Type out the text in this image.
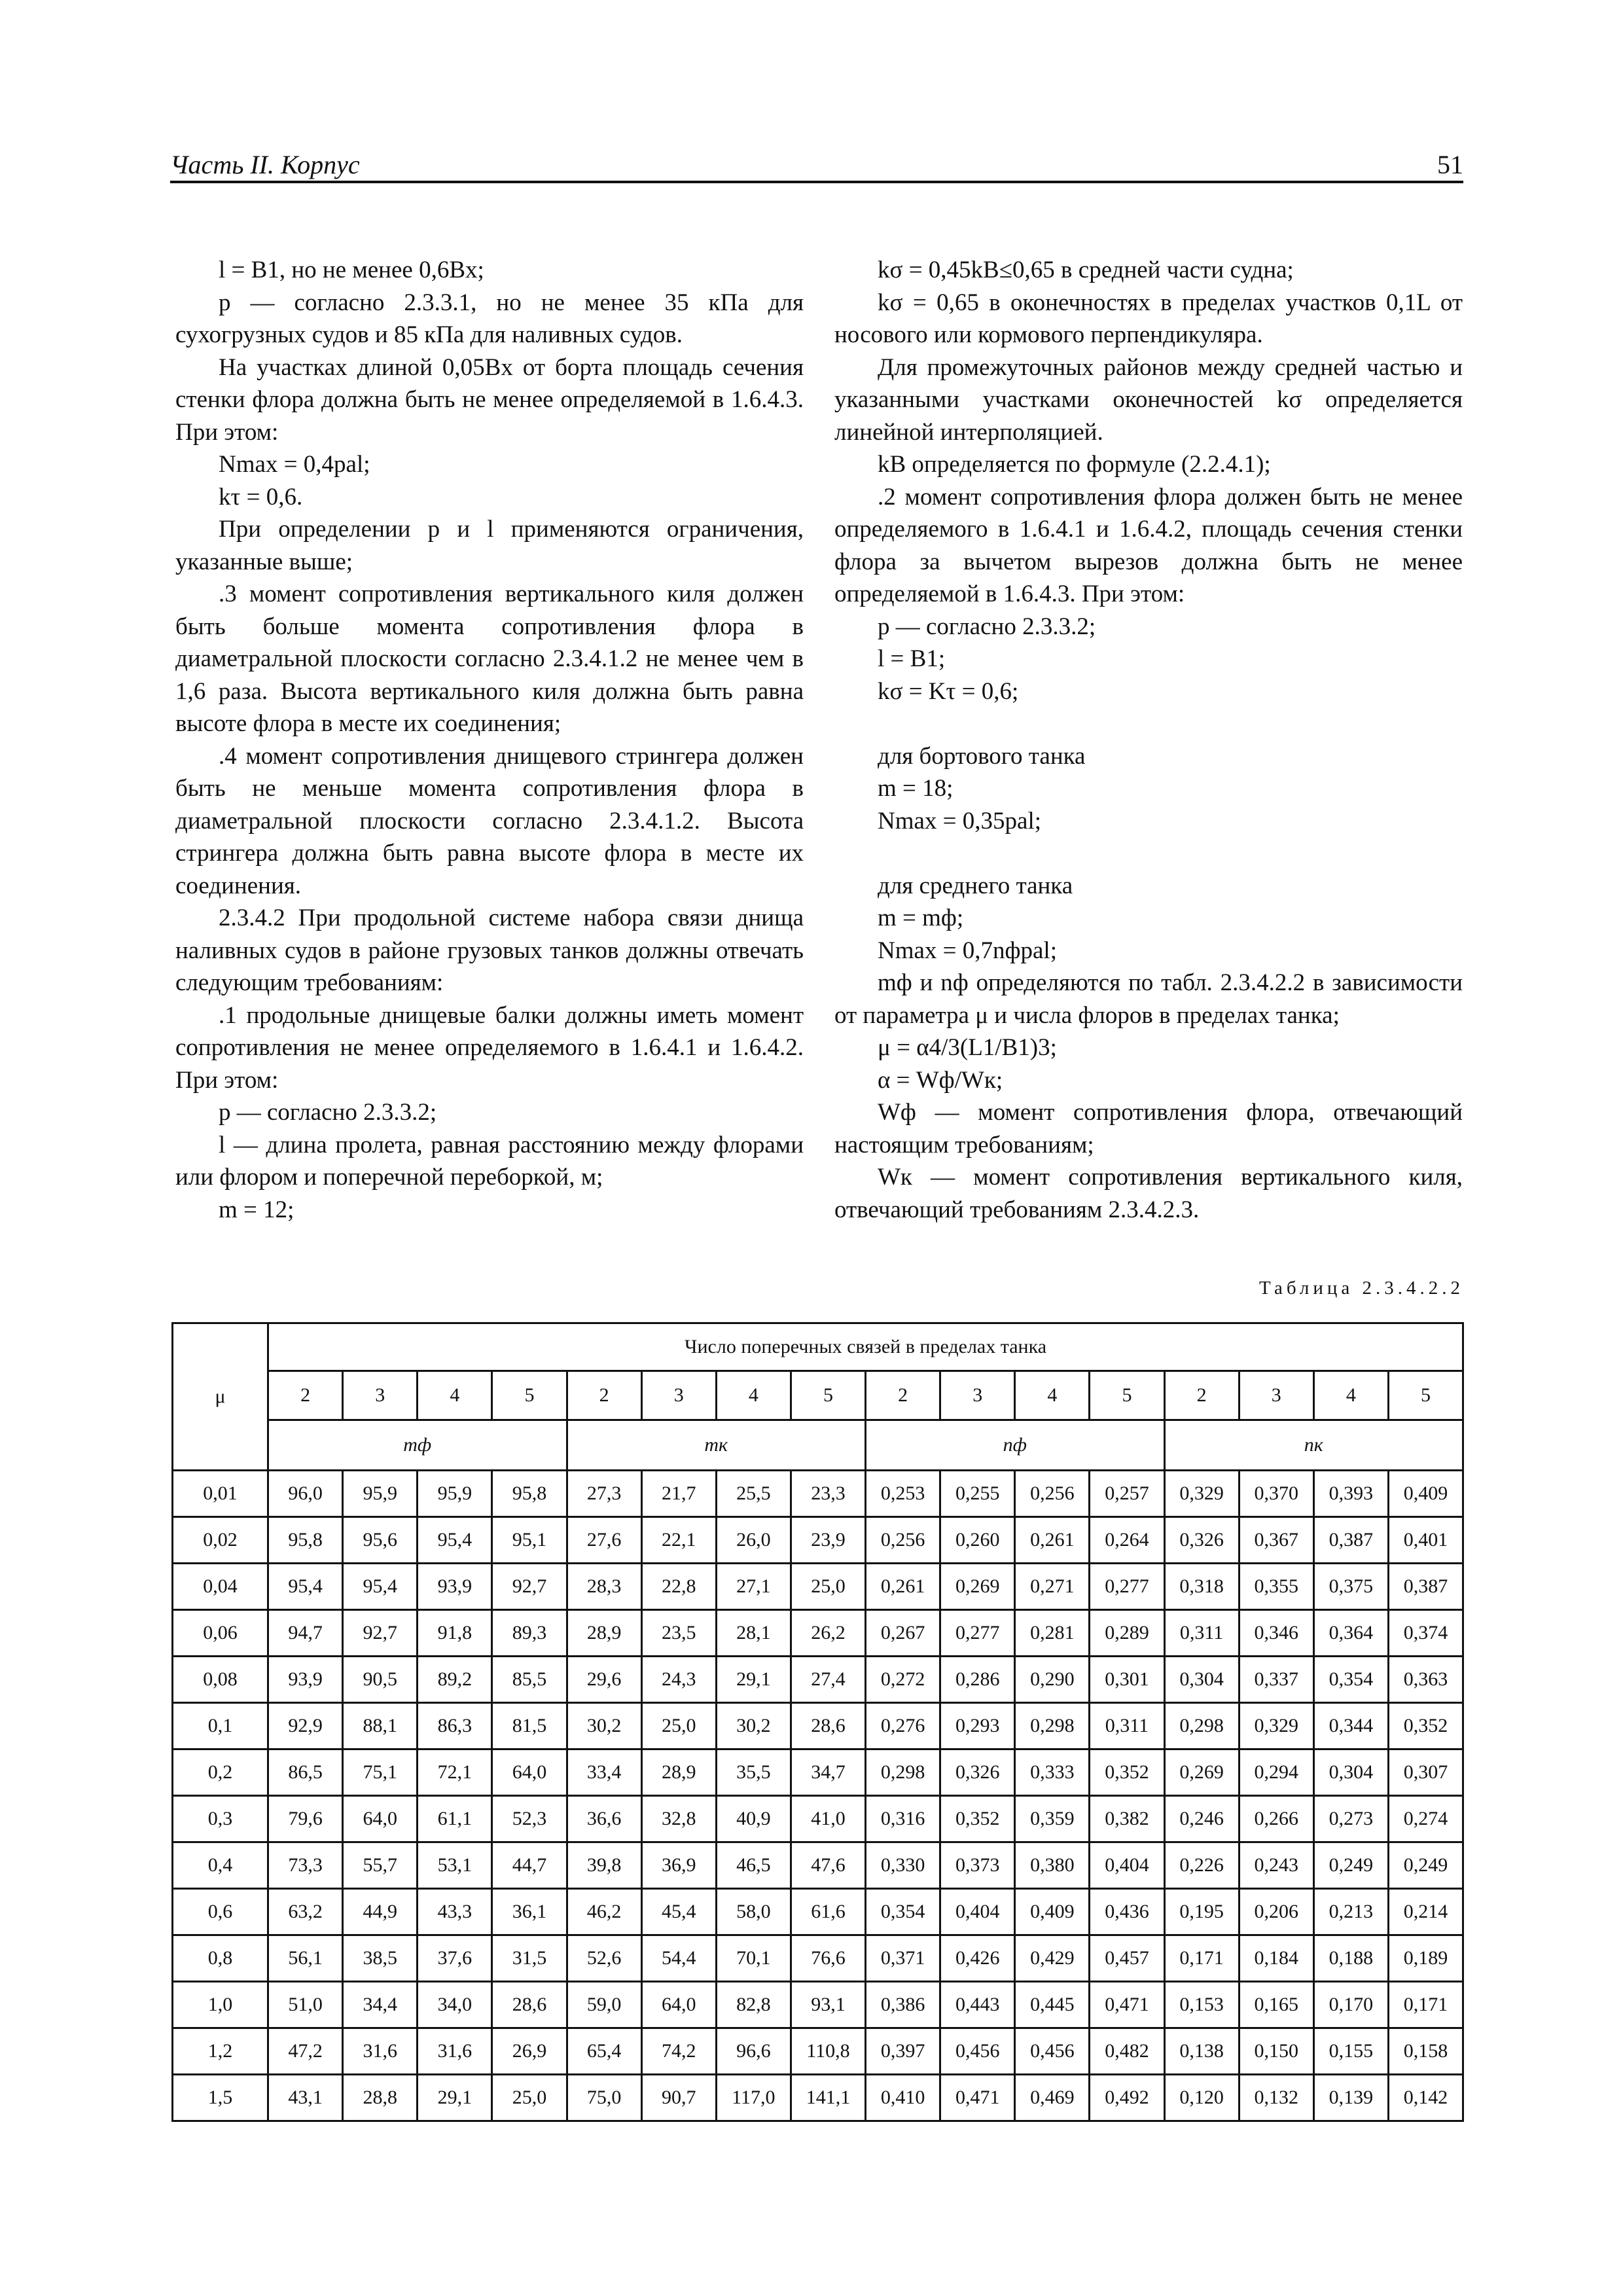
Часть II. Корпус	51

l = B1, но не менее 0,6Bx;

p — согласно 2.3.3.1, но не менее 35 кПа для сухогрузных судов и 85 кПа для наливных судов.

На участках длиной 0,05Bx от борта площадь сечения стенки флора должна быть не менее определяемой в 1.6.4.3. При этом:

Nmax = 0,4pal;

kτ = 0,6.

При определении p и l применяются ограничения, указанные выше;

.3 момент сопротивления вертикального киля должен быть больше момента сопротивления флора в диаметральной плоскости согласно 2.3.4.1.2 не менее чем в 1,6 раза. Высота вертикального киля должна быть равна высоте флора в месте их соединения;

.4 момент сопротивления днищевого стрингера должен быть не меньше момента сопротивления флора в диаметральной плоскости согласно 2.3.4.1.2. Высота стрингера должна быть равна высоте флора в месте их соединения.

2.3.4.2 При продольной системе набора связи днища наливных судов в районе грузовых танков должны отвечать следующим требованиям:

.1 продольные днищевые балки должны иметь момент сопротивления не менее определяемого в 1.6.4.1 и 1.6.4.2. При этом:

p — согласно 2.3.3.2;

l — длина пролета, равная расстоянию между флорами или флором и поперечной переборкой, м;

m = 12;

kσ = 0,45kB≤0,65 в средней части судна;

kσ = 0,65 в оконечностях в пределах участков 0,1L от носового или кормового перпендикуляра.

Для промежуточных районов между средней частью и указанными участками оконечностей kσ определяется линейной интерполяцией.

kB определяется по формуле (2.2.4.1);

.2 момент сопротивления флора должен быть не менее определяемого в 1.6.4.1 и 1.6.4.2, площадь сечения стенки флора за вычетом вырезов должна быть не менее определяемой в 1.6.4.3. При этом:

p — согласно 2.3.3.2;

l = B1;

kσ = Kτ = 0,6;

для бортового танка

m = 18;

Nmax = 0,35pal;

для среднего танка

m = mф;

Nmax = 0,7nфpal;

mф и nф определяются по табл. 2.3.4.2.2 в зависимости от параметра μ и числа флоров в пределах танка;

μ = α4/3(L1/B1)3;

α = Wф/Wк;

Wф — момент сопротивления флора, отвечающий настоящим требованиям;

Wк — момент сопротивления вертикального киля, отвечающий требованиям 2.3.4.2.3.

Таблица 2.3.4.2.2
μ	Число поперечных связей в пределах танка															
	2	3	4	5	2	3	4	5	2	3	4	5	2	3	4	5
	mф				mк				nф				nк			
0,01	96,0	95,9	95,9	95,8	27,3	21,7	25,5	23,3	0,253	0,255	0,256	0,257	0,329	0,370	0,393	0,409
0,02	95,8	95,6	95,4	95,1	27,6	22,1	26,0	23,9	0,256	0,260	0,261	0,264	0,326	0,367	0,387	0,401
0,04	95,4	95,4	93,9	92,7	28,3	22,8	27,1	25,0	0,261	0,269	0,271	0,277	0,318	0,355	0,375	0,387
0,06	94,7	92,7	91,8	89,3	28,9	23,5	28,1	26,2	0,267	0,277	0,281	0,289	0,311	0,346	0,364	0,374
0,08	93,9	90,5	89,2	85,5	29,6	24,3	29,1	27,4	0,272	0,286	0,290	0,301	0,304	0,337	0,354	0,363
0,1	92,9	88,1	86,3	81,5	30,2	25,0	30,2	28,6	0,276	0,293	0,298	0,311	0,298	0,329	0,344	0,352
0,2	86,5	75,1	72,1	64,0	33,4	28,9	35,5	34,7	0,298	0,326	0,333	0,352	0,269	0,294	0,304	0,307
0,3	79,6	64,0	61,1	52,3	36,6	32,8	40,9	41,0	0,316	0,352	0,359	0,382	0,246	0,266	0,273	0,274
0,4	73,3	55,7	53,1	44,7	39,8	36,9	46,5	47,6	0,330	0,373	0,380	0,404	0,226	0,243	0,249	0,249
0,6	63,2	44,9	43,3	36,1	46,2	45,4	58,0	61,6	0,354	0,404	0,409	0,436	0,195	0,206	0,213	0,214
0,8	56,1	38,5	37,6	31,5	52,6	54,4	70,1	76,6	0,371	0,426	0,429	0,457	0,171	0,184	0,188	0,189
1,0	51,0	34,4	34,0	28,6	59,0	64,0	82,8	93,1	0,386	0,443	0,445	0,471	0,153	0,165	0,170	0,171
1,2	47,2	31,6	31,6	26,9	65,4	74,2	96,6	110,8	0,397	0,456	0,456	0,482	0,138	0,150	0,155	0,158
1,5	43,1	28,8	29,1	25,0	75,0	90,7	117,0	141,1	0,410	0,471	0,469	0,492	0,120	0,132	0,139	0,142
